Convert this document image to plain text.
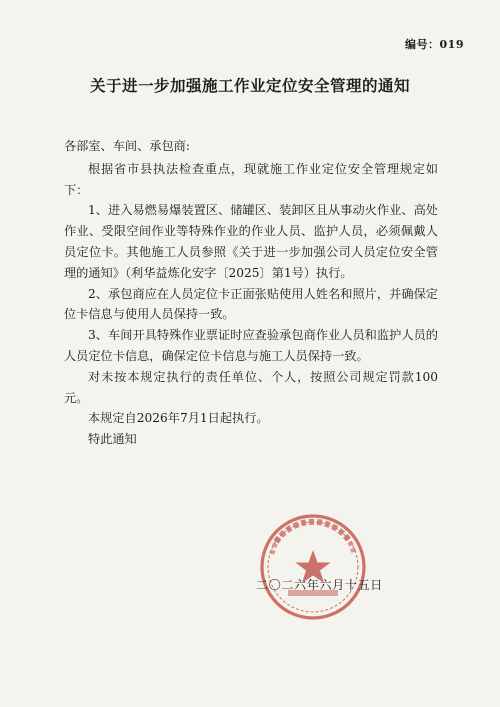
编号：019
关于进一步加强施工作业定位安全管理的通知

各部室、车间、承包商:

根据省市县执法检查重点，现就施工作业定位安全管理规定如下：

1、进入易燃易爆装置区、储罐区、装卸区且从事动火作业、高处作业、受限空间作业等特殊作业的作业人员、监护人员，必须佩戴人员定位卡。其他施工人员参照《关于进一步加强公司人员定位安全管理的通知》（利华益炼化安字〔2025〕第1号）执行。

2、承包商应在人员定位卡正面张贴使用人姓名和照片，并确保定位卡信息与使用人员保持一致。

3、车间开具特殊作业票证时应查验承包商作业人员和监护人员的人员定位卡信息，确保定位卡信息与施工人员保持一致。

对未按本规定执行的责任单位、个人，按照公司规定罚款100元。

本规定自2026年7月1日起执行。

特此通知

二〇二六年六月十五日
